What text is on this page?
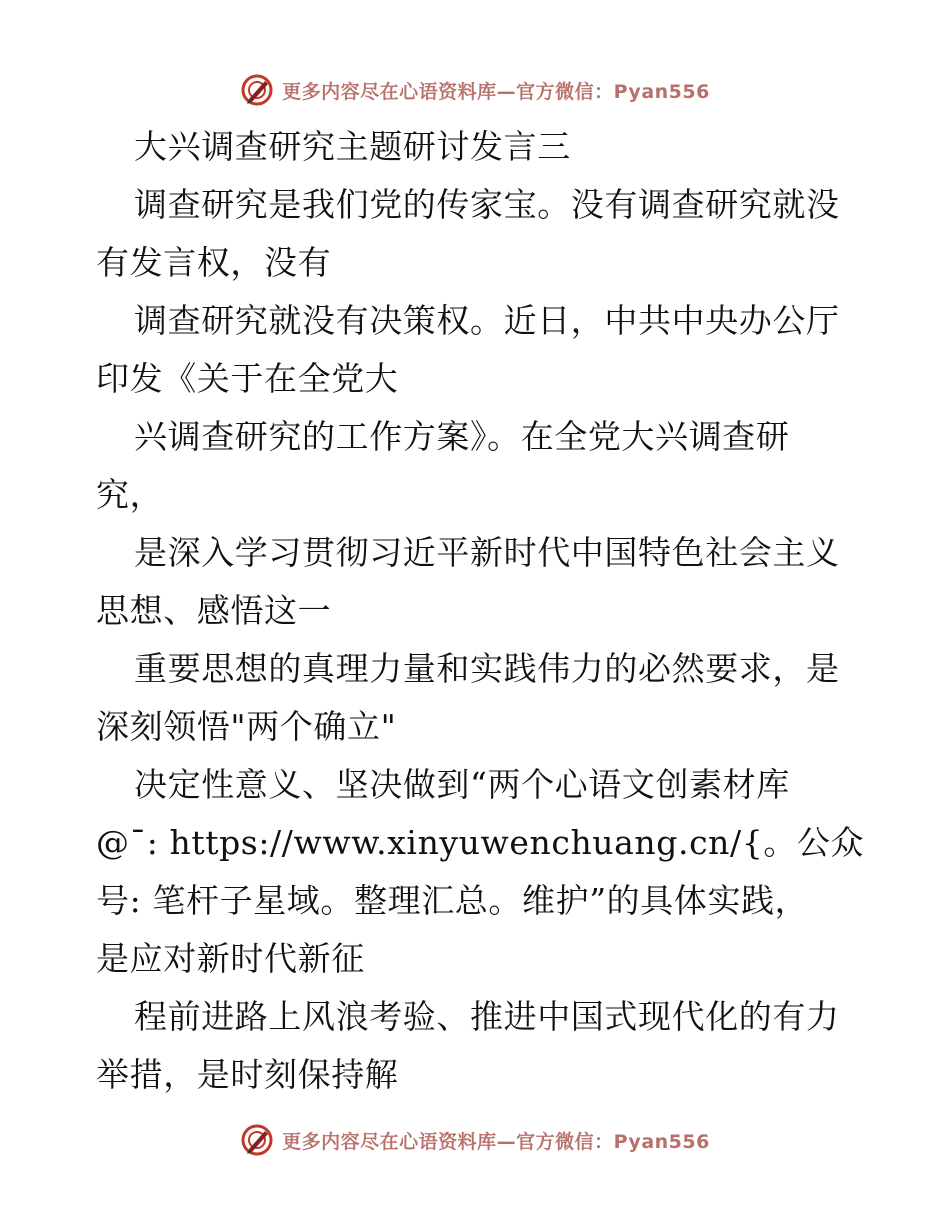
更多内容尽在心语资料库—官方微信：Pyan556
大兴调查研究主题研讨发言三
调查研究是我们党的传家宝。没有调查研究就没
有发言权，没有
调查研究就没有决策权。近日，中共中央办公厅
印发《关于在全党大
兴调查研究的工作方案》。在全党大兴调查研
究，
是深入学习贯彻习近平新时代中国特色社会主义
思想、感悟这一
重要思想的真理力量和实践伟力的必然要求，是
深刻领悟"两个确立"
决定性意义、坚决做到“两个心语文创素材库
@¯: https://www.xinyuwenchuang.cn/{。公众
号: 笔杆子星域。整理汇总。维护”的具体实践，
是应对新时代新征
程前进路上风浪考验、推进中国式现代化的有力
举措，是时刻保持解
更多内容尽在心语资料库—官方微信：Pyan556
